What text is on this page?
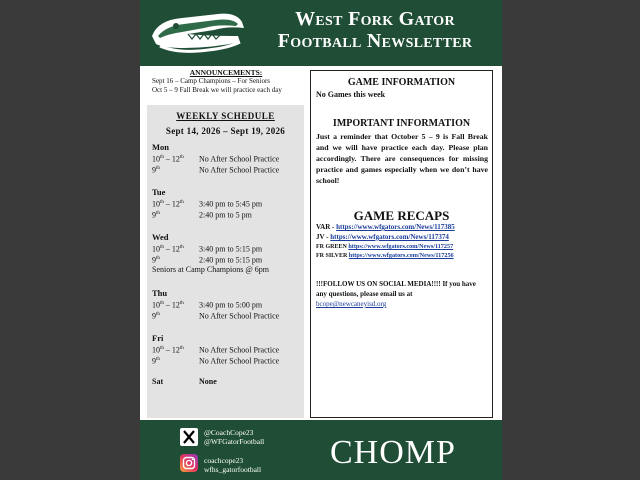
West Fork Gator
Football Newsletter
ANNOUNCEMENTS:
Sept 16 – Camp Champions – For Seniors
Oct 5 – 9 Fall Break we will practice each day
WEEKLY SCHEDULE
Sept 14, 2026 – Sept 19, 2026
Mon
10th – 12th No After School Practice
9th	No After School Practice
Tue
10th – 12th 3:40 pm to 5:45 pm
9th	2:40 pm to 5 pm
Wed
10th – 12th 3:40 pm to 5:15 pm
9th	2:40 pm to 5:15 pm
Seniors at Camp Champions @ 6pm
Thu
10th – 12th 3:40 pm to 5:00 pm
9th	No After School Practice
Fri
10th – 12th No After School Practice
9th	No After School Practice
Sat	None
GAME INFORMATION
No Games this week
IMPORTANT INFORMATION
Just a reminder that October 5 – 9 is Fall Break and we will have practice each day. Please plan accordingly. There are consequences for missing practice and games especially when we don’t have school!
GAME RECAPS
VAR - https://www.wfgators.com/News/117385
JV - https://www.wfgators.com/News/117374
FR GREEN https://www.wfgators.com/News/117257
FR SILVER https://www.wfgators.com/News/117256
!!!FOLLOW US ON SOCIAL MEDIA!!!! If you have any questions, please email us at
bcope@newcaneyisd.org
@CoachCope23
@WFGatorFootball
coachcope23
wfhs_gatorfootball CHOMP
